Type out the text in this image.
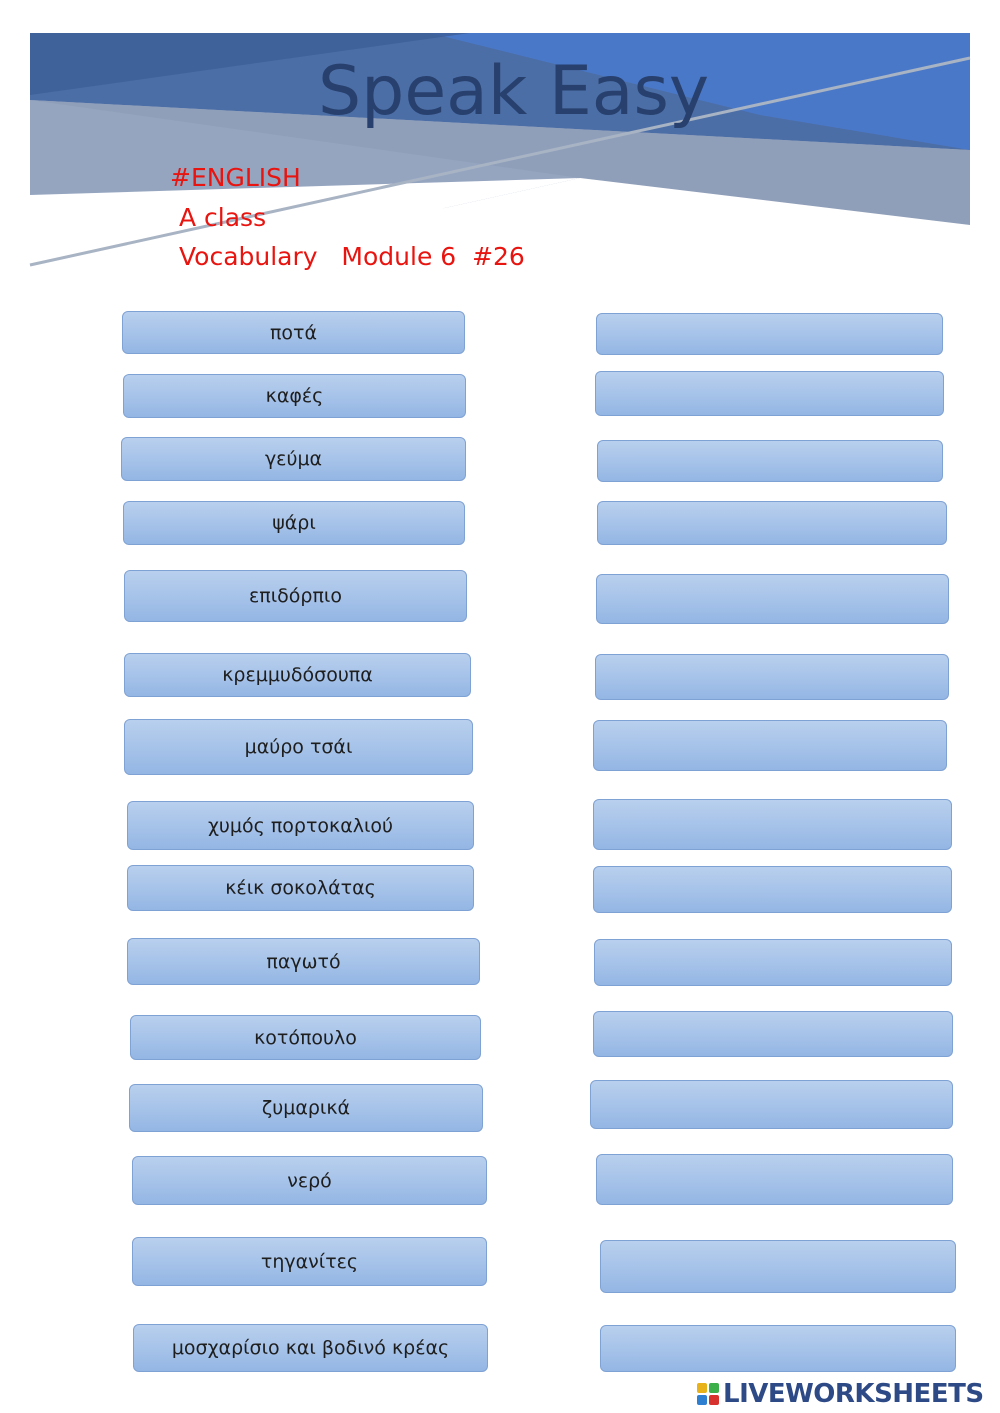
Speak Easy
#ENGLISH
A class
Vocabulary   Module 6  #26
ποτά
καφές
γεύμα
ψάρι
επιδόρπιο
κρεμμυδόσουπα
μαύρο τσάι
χυμός πορτοκαλιού
κέικ σοκολάτας
παγωτό
κοτόπουλο
ζυμαρικά
νερό
τηγανίτες
μοσχαρίσιο και βοδινό κρέας
LIVEWORKSHEETS
